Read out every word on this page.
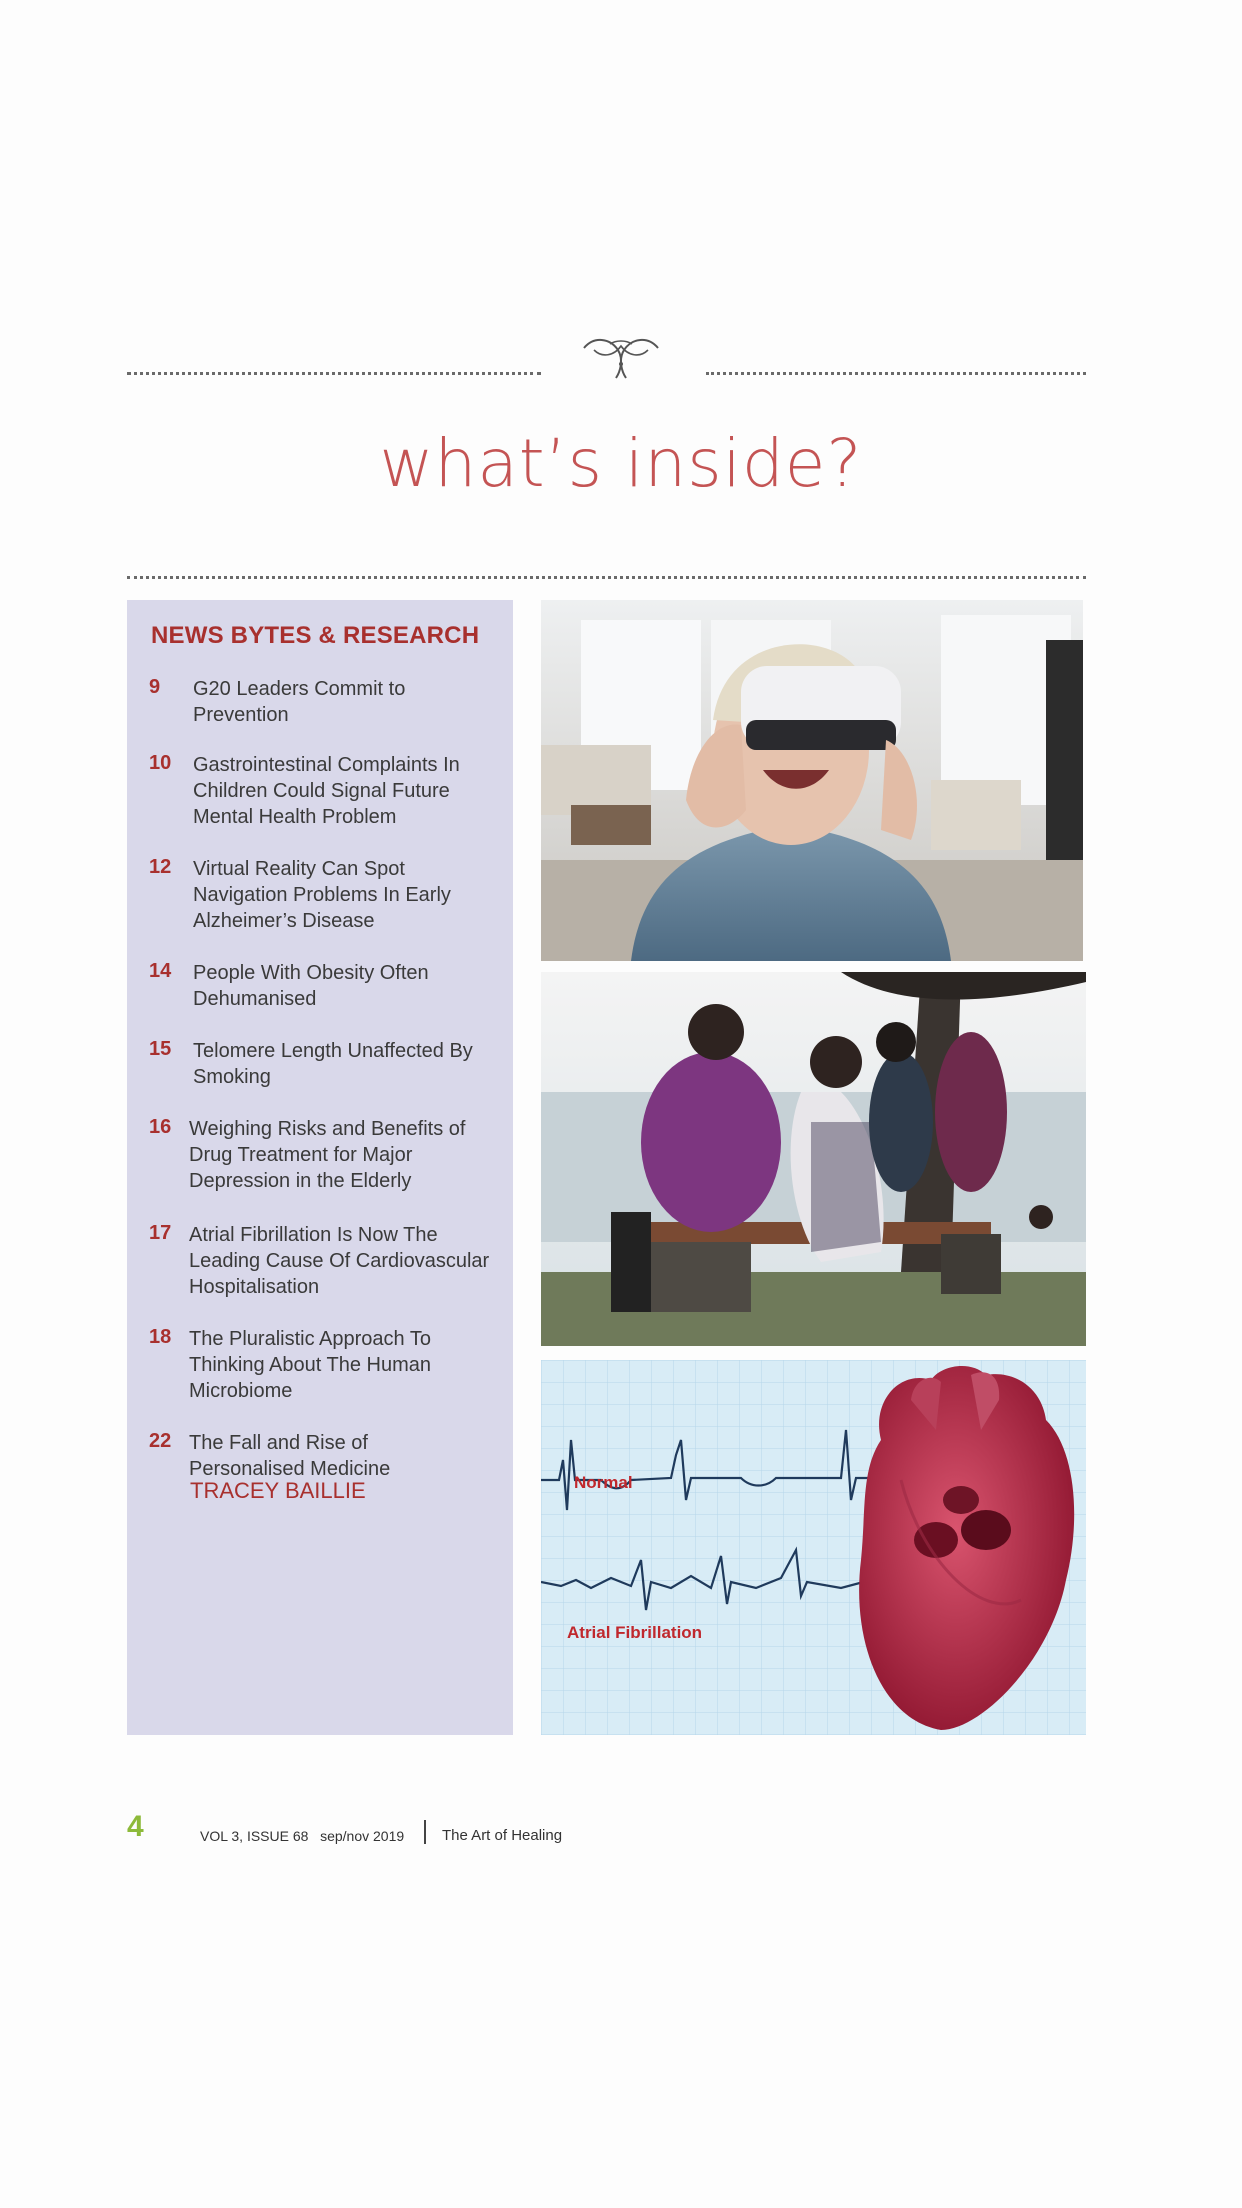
what’s inside?
NEWS BYTES & RESEARCH
9 G20 Leaders Commit to Prevention
10 Gastrointestinal Complaints In Children Could Signal Future Mental Health Problem
12 Virtual Reality Can Spot Navigation Problems In Early Alzheimer’s Disease
14 People With Obesity Often Dehumanised
15 Telomere Length Unaffected By Smoking
16 Weighing Risks and Benefits of Drug Treatment for Major Depression in the Elderly
17 Atrial Fibrillation Is Now The Leading Cause Of Cardiovascular Hospitalisation
18 The Pluralistic Approach To Thinking About The Human Microbiome
22 The Fall and Rise of Personalised Medicine
TRACEY BAILLIE	Normal
Atrial Fibrillation
4	VOL 3, ISSUE 68   sep/nov 2019	The Art of Healing
